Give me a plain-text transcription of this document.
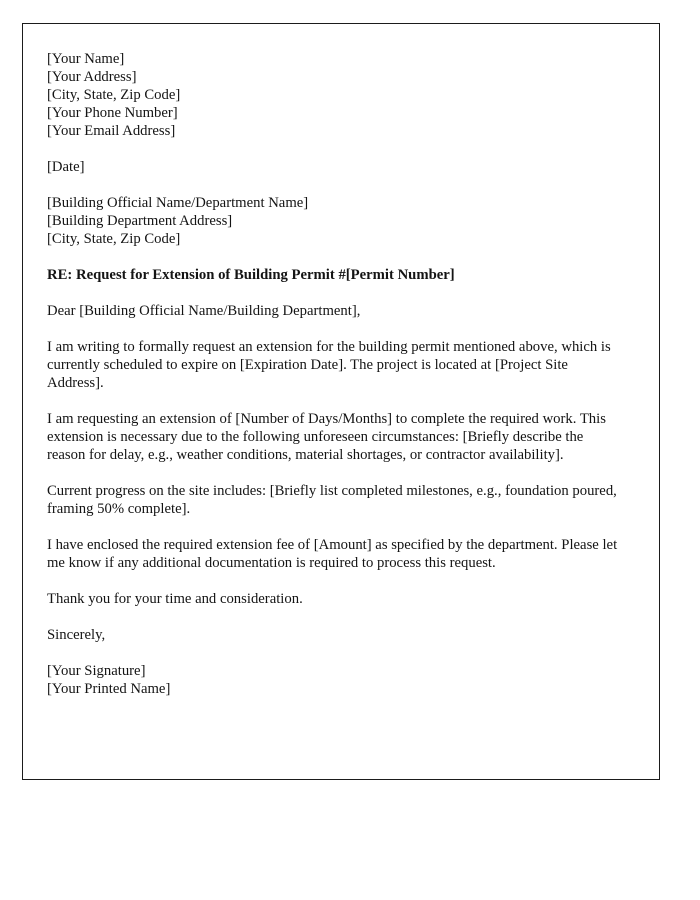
[Your Name]
[Your Address]
[City, State, Zip Code]
[Your Phone Number]
[Your Email Address]
[Date]
[Building Official Name/Department Name]
[Building Department Address]
[City, State, Zip Code]
RE: Request for Extension of Building Permit #[Permit Number]
Dear [Building Official Name/Building Department],

I am writing to formally request an extension for the building permit mentioned above, which is currently scheduled to expire on [Expiration Date]. The project is located at [Project Site Address].

I am requesting an extension of [Number of Days/Months] to complete the required work. This extension is necessary due to the following unforeseen circumstances: [Briefly describe the reason for delay, e.g., weather conditions, material shortages, or contractor availability].

Current progress on the site includes: [Briefly list completed milestones, e.g., foundation poured, framing 50% complete].

I have enclosed the required extension fee of [Amount] as specified by the department. Please let me know if any additional documentation is required to process this request.

Thank you for your time and consideration.

Sincerely,
[Your Signature]
[Your Printed Name]
